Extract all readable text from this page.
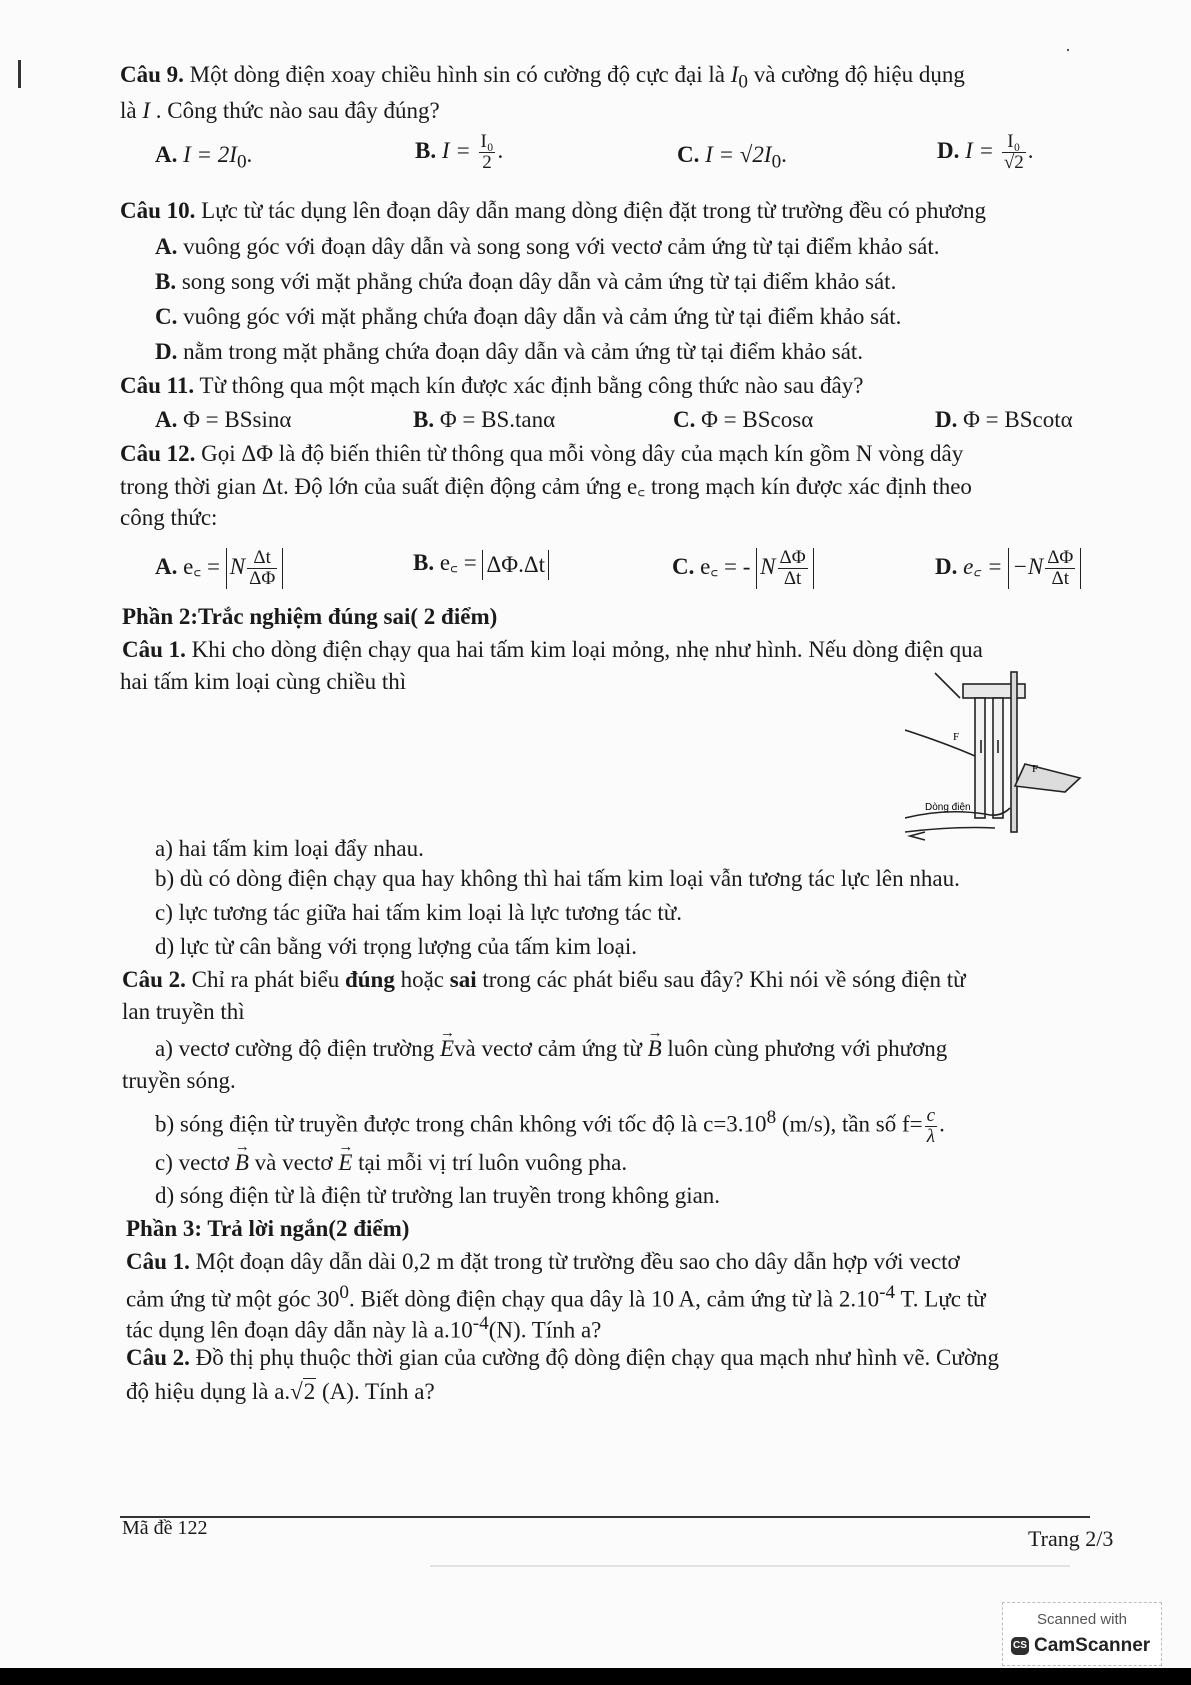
·
Câu 9. Một dòng điện xoay chiều hình sin có cường độ cực đại là $I_0$ và cường độ hiệu dụng
là I . Công thức nào sau đây đúng?
A. $I = 2I_0$.	B. $I = \frac{\text{I₀}}{2}$ .	C. $I = √2I_0$.	D. $I = \frac{\text{I₀}}{√2}$ .
Câu 10. Lực từ tác dụng lên đoạn dây dẫn mang dòng điện đặt trong từ trường đều có phương
A. vuông góc với đoạn dây dẫn và song song với vectơ cảm ứng từ tại điểm khảo sát.
B. song song với mặt phẳng chứa đoạn dây dẫn và cảm ứng từ tại điểm khảo sát.
C. vuông góc với mặt phẳng chứa đoạn dây dẫn và cảm ứng từ tại điểm khảo sát.
D. nằm trong mặt phẳng chứa đoạn dây dẫn và cảm ứng từ tại điểm khảo sát.
Câu 11. Từ thông qua một mạch kín được xác định bằng công thức nào sau đây?
A. Φ = BSsinα	B. Φ = BS.tanα	C. Φ = BScosα	D. Φ = BScotα
Câu 12. Gọi ΔΦ là độ biến thiên từ thông qua mỗi vòng dây của mạch kín gồm N vòng dây
trong thời gian Δt. Độ lớn của suất điện động cảm ứng e꜀ trong mạch kín được xác định theo
công thức:
A. e꜀ = N $\frac{\Delta t}{\Delta\Phi}$	B. e꜀ = ΔΦ.Δt	C. e꜀ = - N $\frac{\Delta\Phi}{\Delta t}$	D. e꜀ = $-N \frac{\Delta\Phi}{\Delta t}$
Phần 2:Trắc nghiệm đúng sai( 2 điểm)
Câu 1. Khi cho dòng điện chạy qua hai tấm kim loại mỏng, nhẹ như hình. Nếu dòng điện qua
hai tấm kim loại cùng chiều thì
F
F
Dòng điện
a) hai tấm kim loại đẩy nhau.
b) dù có dòng điện chạy qua hay không thì hai tấm kim loại vẫn tương tác lực lên nhau.
c) lực tương tác giữa hai tấm kim loại là lực tương tác từ.
d) lực từ cân bằng với trọng lượng của tấm kim loại.
Câu 2. Chỉ ra phát biểu đúng hoặc sai trong các phát biểu sau đây? Khi nói về sóng điện từ
lan truyền thì
a) vectơ cường độ điện trường → Evà vectơ cảm ứng từ → B luôn cùng phương với phương
truyền sóng.
b) sóng điện từ truyền được trong chân không với tốc độ là $c=3.10^8$ (m/s), tần số $f= \frac{c}{\lambda}$ .
c) vectơ → B và vectơ → E tại mỗi vị trí luôn vuông pha.
d) sóng điện từ là điện từ trường lan truyền trong không gian.
Phần 3: Trả lời ngắn(2 điểm)
Câu 1. Một đoạn dây dẫn dài 0,2 m đặt trong từ trường đều sao cho dây dẫn hợp với vectơ
cảm ứng từ một góc $30^0$. Biết dòng điện chạy qua dây là 10 A, cảm ứng từ là $2.10^{-4}$ T. Lực từ
tác dụng lên đoạn dây dẫn này là $a.10^{-4}(N)$. Tính a?
Câu 2. Đồ thị phụ thuộc thời gian của cường độ dòng điện chạy qua mạch như hình vẽ. Cường
độ hiệu dụng là a.√2 (A). Tính a?
Mã đề 122	Trang 2/3
Scanned with
CS CamScanner
